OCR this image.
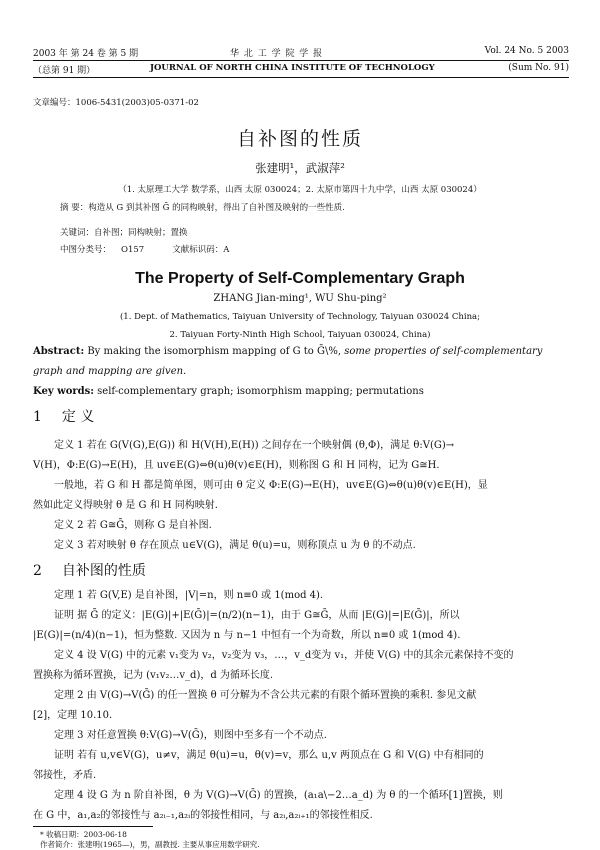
2003 年 第 24 卷 第 5 期	华 北 工 学 院 学 报	Vol. 24 No. 5 2003
（总第 91 期）	JOURNAL OF NORTH CHINA INSTITUTE OF TECHNOLOGY	(Sum No. 91)
文章编号：1006-5431(2003)05-0371-02
自补图的性质
张建明¹，武淑萍²
（1. 太原理工大学 数学系，山西 太原 030024；2. 太原市第四十九中学，山西 太原 030024）
摘 要：构造从 G 到其补图 Ḡ 的同构映射，得出了自补图及映射的一些性质.
关键词：自补图；同构映射；置换
中图分类号： O157	文献标识码：A
The Property of Self-Complementary Graph
ZHANG Jian-ming¹, WU Shu-ping²
(1. Dept. of Mathematics, Taiyuan University of Technology, Taiyuan 030024 China;
2. Taiyuan Forty-Ninth High School, Taiyuan 030024, China)

Abstract: By making the isomorphism mapping of G to Ḡ\%, some properties of self-complementary

graph and mapping are given.

Key words: self-complementary graph; isomorphism mapping; permutations

1 定 义

定义 1 若在 G(V(G),E(G)) 和 H(V(H),E(H)) 之间存在一个映射偶 (θ,Φ)，满足 θ:V(G)→

V(H)，Φ:E(G)→E(H)，且 uv∈E(G)⇔θ(u)θ(v)∈E(H)，则称图 G 和 H 同构，记为 G≅H.

一般地，若 G 和 H 都是简单图，则可由 θ 定义 Φ:E(G)→E(H)，uv∈E(G)⇔θ(u)θ(v)∈E(H)，显

然如此定义得映射 θ 是 G 和 H 同构映射.

定义 2 若 G≅Ḡ，则称 G 是自补图.

定义 3 若对映射 θ 存在顶点 u∈V(G)，满足 θ(u)=u，则称顶点 u 为 θ 的不动点.

2 自补图的性质

定理 1 若 G(V,E) 是自补图，|V|=n，则 n≡0 或 1(mod 4).

证明 据 Ḡ 的定义：|E(G)|+|E(Ḡ)|=(n/2)(n−1)，由于 G≅Ḡ，从而 |E(G)|=|E(Ḡ)|，所以

|E(G)|=(n/4)(n−1)，恒为整数. 又因为 n 与 n−1 中恒有一个为奇数，所以 n≡0 或 1(mod 4).

定义 4 设 V(G) 中的元素 v₁变为 v₂，v₂变为 v₃，…，v_d变为 v₁，并使 V(G) 中的其余元素保持不变的

置换称为循环置换，记为 (v₁v₂…v_d)，d 为循环长度.

定理 2 由 V(G)→V(Ḡ) 的任一置换 θ 可分解为不含公共元素的有限个循环置换的乘积. 参见文献

[2]，定理 10.10.

定理 3 对任意置换 θ:V(G)→V(Ḡ)，则图中至多有一个不动点.

证明 若有 u,v∈V(G)，u≠v，满足 θ(u)=u，θ(v)=v，那么 u,v 两顶点在 G 和 V(G) 中有相同的

邻接性，矛盾.

定理 4 设 G 为 n 阶自补图，θ 为 V(G)→V(Ḡ) 的置换，(a₁a\−2…a_d) 为 θ 的一个循环[1]置换，则

在 G 中，a₁,a₂的邻接性与 a₂ᵢ₋₁,a₂ᵢ的邻接性相同，与 a₂ᵢ,a₂ᵢ₊₁的邻接性相反.

* 收稿日期：2003-06-18
作者简介：张建明(1965—)，男，副教授. 主要从事应用数学研究.
